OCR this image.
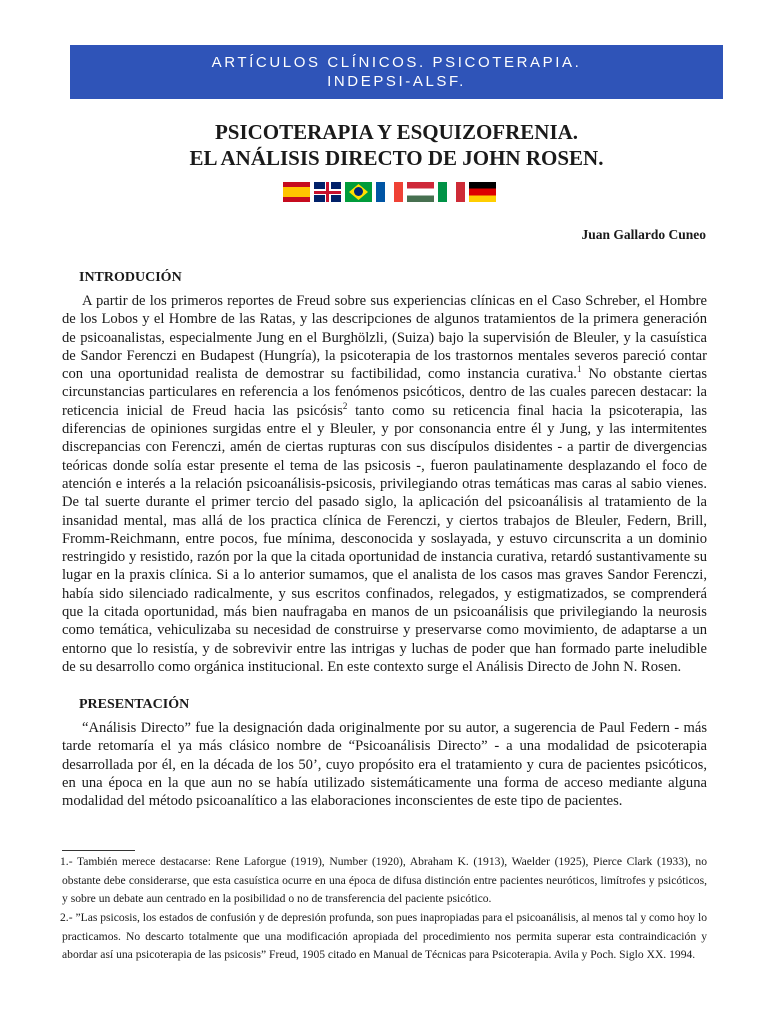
ARTÍCULOS CLÍNICOS. PSICOTERAPIA.
INDEPSI-ALSF.
PSICOTERAPIA Y ESQUIZOFRENIA.
EL ANÁLISIS DIRECTO DE JOHN ROSEN.
Juan Gallardo Cuneo
INTRODUCIÓN

A partir de los primeros reportes de Freud sobre sus experiencias clínicas en el Caso Schreber, el Hombre de los Lobos y el Hombre de las Ratas, y las descripciones de algunos tratamientos de la primera generación de psicoanalistas, especialmente Jung en el Burghölzli, (Suiza) bajo la supervisión de Bleuler, y la casuística de Sandor Ferenczi en Budapest (Hungría), la psicoterapia de los trastornos mentales severos pareció contar con una oportunidad realista de demostrar su factibilidad, como instancia curativa.$^1$ No obstante ciertas circunstancias particulares en referencia a los fenómenos psicóticos, dentro de las cuales parecen destacar: la reticencia inicial de Freud hacia las psicósis$^2$ tanto como su reticencia final hacia la psicoterapia, las diferencias de opiniones surgidas entre el y Bleuler, y por consonancia entre él y Jung, y las intermitentes discrepancias con Ferenczi, amén de ciertas rupturas con sus discípulos disidentes - a partir de divergencias teóricas donde solía estar presente el tema de las psicosis -, fueron paulatinamente desplazando el foco de atención e interés a la relación psicoanálisis-psicosis, privilegiando otras temáticas mas caras al sabio vienes. De tal suerte durante el primer tercio del pasado siglo, la aplicación del psicoanálisis al tratamiento de la insanidad mental, mas allá de los practica clínica de Ferenczi, y ciertos trabajos de Bleuler, Federn, Brill, Fromm-Reichmann, entre pocos, fue mínima, desconocida y soslayada, y estuvo circunscrita a un dominio restringido y resistido, razón por la que la citada oportunidad de instancia curativa, retardó sustantivamente su lugar en la praxis clínica. Si a lo anterior sumamos, que el analista de los casos mas graves Sandor Ferenczi, había sido silenciado radicalmente, y sus escritos confinados, relegados, y estigmatizados, se comprenderá que la citada oportunidad, más bien naufragaba en manos de un psicoanálisis que privilegiando la neurosis como temática, vehiculizaba su necesidad de construirse y preservarse como movimiento, de adaptarse a un entorno que lo resistía, y de sobrevivir entre las intrigas y luchas de poder que han formado parte ineludible de su desarrollo como orgánica institucional. En este contexto surge el Análisis Directo de John N. Rosen.

PRESENTACIÓN

“Análisis Directo” fue la designación dada originalmente por su autor, a sugerencia de Paul Federn - más tarde retomaría el ya más clásico nombre de “Psicoanálisis Directo” - a una modalidad de psicoterapia desarrollada por él, en la década de los 50’, cuyo propósito era el tratamiento y cura de pacientes psicóticos, en una época en la que aun no se había utilizado sistemáticamente una forma de acceso mediante alguna modalidad del método psicoanalítico a las elaboraciones inconscientes de este tipo de pacientes.

1.- También merece destacarse: Rene Laforgue (1919), Number (1920), Abraham K. (1913), Waelder (1925), Pierce Clark (1933), no obstante debe considerarse, que esta casuística ocurre en una época de difusa distinción entre pacientes neuróticos, limítrofes y psicóticos, y sobre un debate aun centrado en la posibilidad o no de transferencia del paciente psicótico.

2.- ”Las psicosis, los estados de confusión y de depresión profunda, son pues inapropiadas para el psicoanálisis, al menos tal y como hoy lo practicamos. No descarto totalmente que una modificación apropiada del procedimiento nos permita superar esta contraindicación y abordar así una psicoterapia de las psicosis” Freud, 1905 citado en Manual de Técnicas para Psicoterapia. Avila y Poch. Siglo XX. 1994.
